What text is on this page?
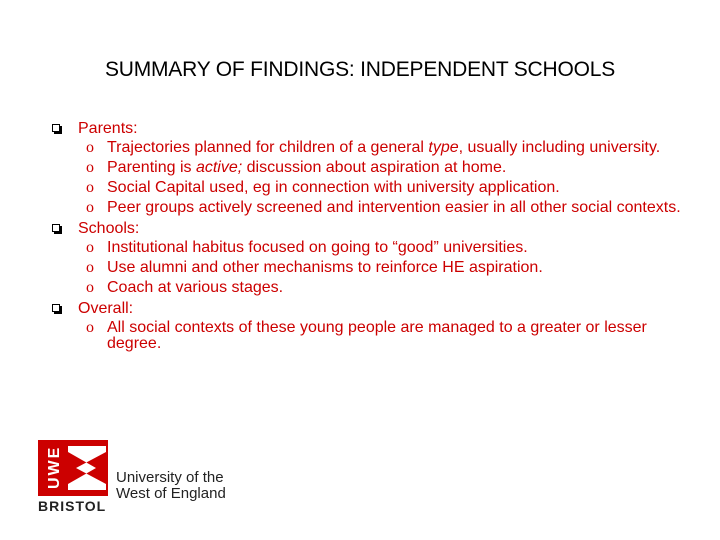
SUMMARY OF FINDINGS: INDEPENDENT SCHOOLS
Parents:
o Trajectories planned for children of a general type, usually including university.
o Parenting is active; discussion about aspiration at home.
o Social Capital used, eg in connection with university application.
o Peer groups actively screened and intervention easier in all other social contexts.
Schools:
o Institutional habitus focused on going to “good” universities.
o Use alumni and other mechanisms to reinforce HE aspiration.
o Coach at various stages.
Overall:
o All social contexts of these young people are managed to a greater or lesser degree.
UWE
BRISTOL
University of the
West of England
